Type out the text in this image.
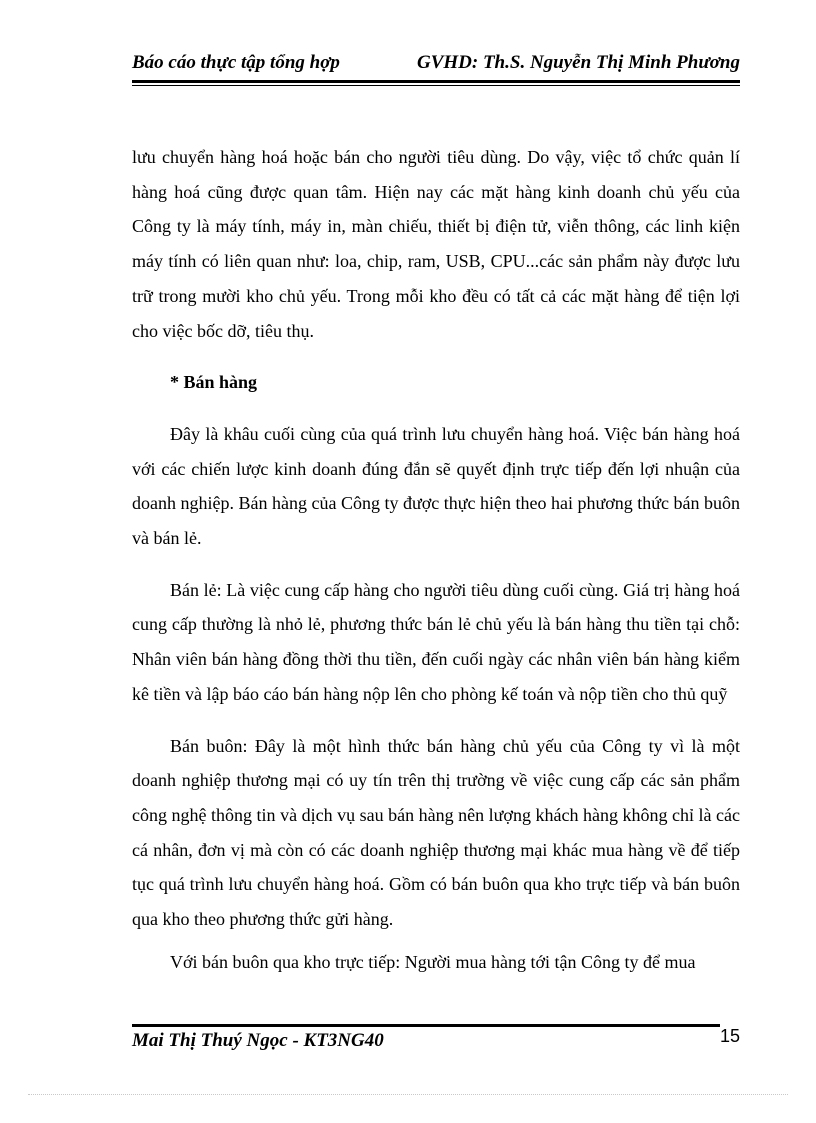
Báo cáo thực tập tổng hợp	GVHD: Th.S. Nguyễn Thị Minh Phương

lưu chuyển hàng hoá hoặc bán cho người tiêu dùng. Do vậy, việc tổ chức quản lí hàng hoá cũng được quan tâm. Hiện nay các mặt hàng kinh doanh chủ yếu của Công ty là máy tính, máy in, màn chiếu, thiết bị điện tử, viễn thông, các linh kiện máy tính có liên quan như: loa, chip, ram, USB, CPU...các sản phẩm này được lưu trữ trong mười kho chủ yếu. Trong mỗi kho đều có tất cả các mặt hàng để tiện lợi cho việc bốc dỡ, tiêu thụ.

* Bán hàng

Đây là khâu cuối cùng của quá trình lưu chuyển hàng hoá. Việc bán hàng hoá với các chiến lược kinh doanh đúng đắn sẽ quyết định trực tiếp đến lợi nhuận của doanh nghiệp. Bán hàng của Công ty được thực hiện theo hai phương thức bán buôn và bán lẻ.

Bán lẻ: Là việc cung cấp hàng cho người tiêu dùng cuối cùng. Giá trị hàng hoá cung cấp thường là nhỏ lẻ, phương thức bán lẻ chủ yếu là bán hàng thu tiền tại chỗ: Nhân viên bán hàng đồng thời thu tiền, đến cuối ngày các nhân viên bán hàng kiểm kê tiền và lập báo cáo bán hàng nộp lên cho phòng kế toán và nộp tiền cho thủ quỹ

Bán buôn: Đây là một hình thức bán hàng chủ yếu của Công ty vì là một doanh nghiệp thương mại có uy tín trên thị trường về việc cung cấp các sản phẩm công nghệ thông tin và dịch vụ sau bán hàng nên lượng khách hàng không chỉ là các cá nhân, đơn vị mà còn có các doanh nghiệp thương mại khác mua hàng về để tiếp tục quá trình lưu chuyển hàng hoá. Gồm có bán buôn qua kho trực tiếp và bán buôn qua kho theo phương thức gửi hàng.

Với bán buôn qua kho trực tiếp: Người mua hàng tới tận Công ty để mua

Mai Thị Thuý Ngọc - KT3NG40	15
